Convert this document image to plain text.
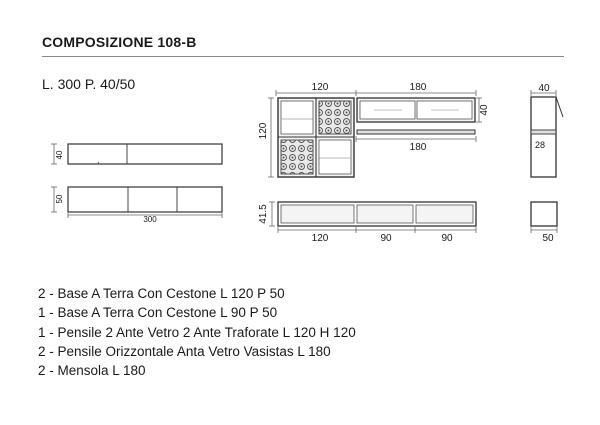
COMPOSIZIONE 108-B
L. 300 P. 40/50
40
50
300
120	180
120
40
180
41.5
120	90	90
40
28
50
2 - Base A Terra Con Cestone L 120 P 50
1 - Base A Terra Con Cestone L 90 P 50
1 - Pensile 2 Ante Vetro 2 Ante Traforate L 120 H 120
2 - Pensile Orizzontale Anta Vetro Vasistas L 180
2 - Mensola L 180
